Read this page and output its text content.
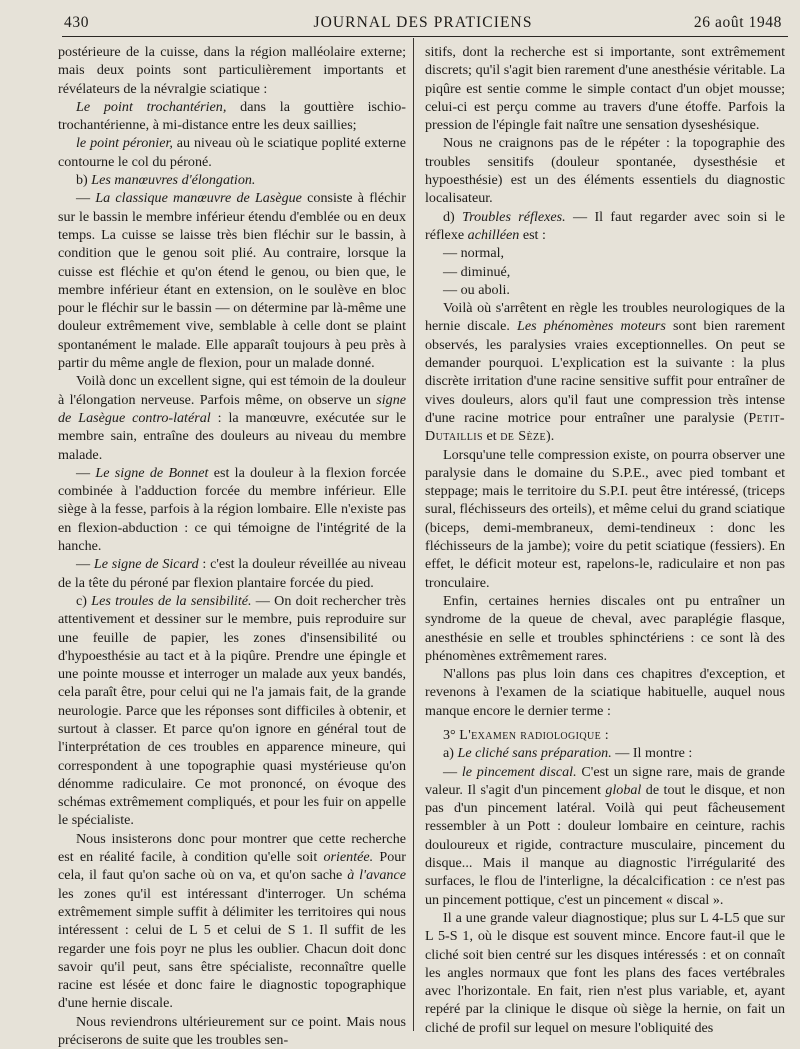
430	JOURNAL DES PRATICIENS	26 août 1948

postérieure de la cuisse, dans la région malléolaire externe; mais deux points sont particulièrement importants et révélateurs de la névralgie sciatique :

Le point trochantérien, dans la gouttière ischio-trochantérienne, à mi-distance entre les deux saillies;

le point péronier, au niveau où le sciatique poplité externe contourne le col du péroné.

b) Les manœuvres d'élongation.

— La classique manœuvre de Lasègue consiste à fléchir sur le bassin le membre inférieur étendu d'emblée ou en deux temps. La cuisse se laisse très bien fléchir sur le bassin, à condition que le genou soit plié. Au contraire, lorsque la cuisse est fléchie et qu'on étend le genou, ou bien que, le membre inférieur étant en extension, on le soulève en bloc pour le fléchir sur le bassin — on détermine par là-même une douleur extrêmement vive, semblable à celle dont se plaint spontanément le malade. Elle apparaît toujours à peu près à partir du même angle de flexion, pour un malade donné.

Voilà donc un excellent signe, qui est témoin de la douleur à l'élongation nerveuse. Parfois même, on observe un signe de Lasègue contro-latéral : la manœuvre, exécutée sur le membre sain, entraîne des douleurs au niveau du membre malade.

— Le signe de Bonnet est la douleur à la flexion forcée combinée à l'adduction forcée du membre inférieur. Elle siège à la fesse, parfois à la région lombaire. Elle n'existe pas en flexion-abduction : ce qui témoigne de l'intégrité de la hanche.

— Le signe de Sicard : c'est la douleur réveillée au niveau de la tête du péroné par flexion plantaire forcée du pied.

c) Les troules de la sensibilité. — On doit rechercher très attentivement et dessiner sur le membre, puis reproduire sur une feuille de papier, les zones d'insensibilité ou d'hypoesthésie au tact et à la piqûre. Prendre une épingle et une pointe mousse et interroger un malade aux yeux bandés, cela paraît être, pour celui qui ne l'a jamais fait, de la grande neurologie. Parce que les réponses sont difficiles à obtenir, et surtout à classer. Et parce qu'on ignore en général tout de l'interprétation de ces troubles en apparence mineure, qui correspondent à une topographie quasi mystérieuse qu'on dénomme radiculaire. Ce mot prononcé, on évoque des schémas extrêmement compliqués, et pour les fuir on appelle le spécialiste.

Nous insisterons donc pour montrer que cette recherche est en réalité facile, à condition qu'elle soit orientée. Pour cela, il faut qu'on sache où on va, et qu'on sache à l'avance les zones qu'il est intéressant d'interroger. Un schéma extrêmement simple suffit à délimiter les territoires qui nous intéressent : celui de L 5 et celui de S 1. Il suffit de les regarder une fois poyr ne plus les oublier. Chacun doit donc savoir qu'il peut, sans être spécialiste, reconnaître quelle racine est lésée et donc faire le diagnostic topographique d'une hernie discale.

Nous reviendrons ultérieurement sur ce point. Mais nous préciserons de suite que les troubles sen-

sitifs, dont la recherche est si importante, sont extrêmement discrets; qu'il s'agit bien rarement d'une anesthésie véritable. La piqûre est sentie comme le simple contact d'un objet mousse; celui-ci est perçu comme au travers d'une étoffe. Parfois la pression de l'épingle fait naître une sensation dyseshésique.

Nous ne craignons pas de le répéter : la topographie des troubles sensitifs (douleur spontanée, dysesthésie et hypoesthésie) est un des éléments essentiels du diagnostic localisateur.

d) Troubles réflexes. — Il faut regarder avec soin si le réflexe achilléen est :

— normal,

— diminué,

— ou aboli.

Voilà où s'arrêtent en règle les troubles neurologiques de la hernie discale. Les phénomènes moteurs sont bien rarement observés, les paralysies vraies exceptionnelles. On peut se demander pourquoi. L'explication est la suivante : la plus discrète irritation d'une racine sensitive suffit pour entraîner de vives douleurs, alors qu'il faut une compression très intense d'une racine motrice pour entraîner une paralysie (Petit-Dutaillis et de Sèze).

Lorsqu'une telle compression existe, on pourra observer une paralysie dans le domaine du S.P.E., avec pied tombant et steppage; mais le territoire du S.P.I. peut être intéressé, (triceps sural, fléchisseurs des orteils), et même celui du grand sciatique (biceps, demi-membraneux, demi-tendineux : donc les fléchisseurs de la jambe); voire du petit sciatique (fessiers). En effet, le déficit moteur est, rapelons-le, radiculaire et non pas tronculaire.

Enfin, certaines hernies discales ont pu entraîner un syndrome de la queue de cheval, avec paraplégie flasque, anesthésie en selle et troubles sphinctériens : ce sont là des phénomènes extrêmement rares.

N'allons pas plus loin dans ces chapitres d'exception, et revenons à l'examen de la sciatique habituelle, auquel nous manque encore le dernier terme :

3° L'examen radiologique :

a) Le cliché sans préparation. — Il montre :

— le pincement discal. C'est un signe rare, mais de grande valeur. Il s'agit d'un pincement global de tout le disque, et non pas d'un pincement latéral. Voilà qui peut fâcheusement ressembler à un Pott : douleur lombaire en ceinture, rachis douloureux et rigide, contracture musculaire, pincement du disque... Mais il manque au diagnostic l'irrégularité des surfaces, le flou de l'interligne, la décalcification : ce n'est pas un pincement pottique, c'est un pincement « discal ».

Il a une grande valeur diagnostique; plus sur L 4-L5 que sur L 5-S 1, où le disque est souvent mince. Encore faut-il que le cliché soit bien centré sur les disques intéressés : et on connaît les angles normaux que font les plans des faces vertébrales avec l'horizontale. En fait, rien n'est plus variable, et, ayant repéré par la clinique le disque où siège la hernie, on fait un cliché de profil sur lequel on mesure l'obliquité des
